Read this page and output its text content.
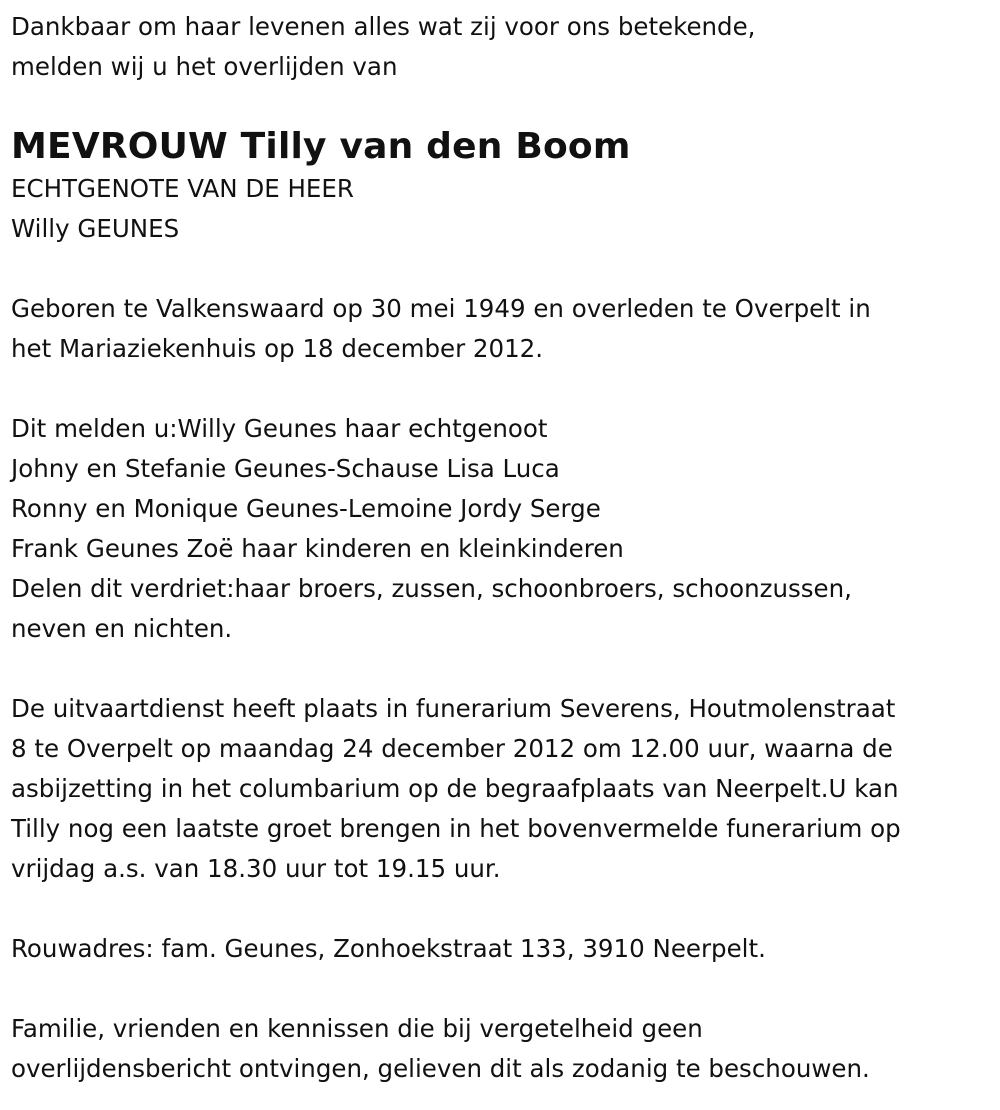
Dankbaar om haar levenen alles wat zij voor ons betekende,
melden wij u het overlijden van
MEVROUW Tilly van den Boom
ECHTGENOTE VAN DE HEER
Willy GEUNES
Geboren te Valkenswaard op 30 mei 1949 en overleden te Overpelt in
het Mariaziekenhuis op 18 december 2012.
Dit melden u:Willy Geunes haar echtgenoot
Johny en Stefanie Geunes-Schause Lisa Luca
Ronny en Monique Geunes-Lemoine Jordy Serge
Frank Geunes Zoë haar kinderen en kleinkinderen
Delen dit verdriet:haar broers, zussen, schoonbroers, schoonzussen,
neven en nichten.
De uitvaartdienst heeft plaats in funerarium Severens, Houtmolenstraat
8 te Overpelt op maandag 24 december 2012 om 12.00 uur, waarna de
asbijzetting in het columbarium op de begraafplaats van Neerpelt.U kan
Tilly nog een laatste groet brengen in het bovenvermelde funerarium op
vrijdag a.s. van 18.30 uur tot 19.15 uur.
Rouwadres: fam. Geunes, Zonhoekstraat 133, 3910 Neerpelt.
Familie, vrienden en kennissen die bij vergetelheid geen
overlijdensbericht ontvingen, gelieven dit als zodanig te beschouwen.
